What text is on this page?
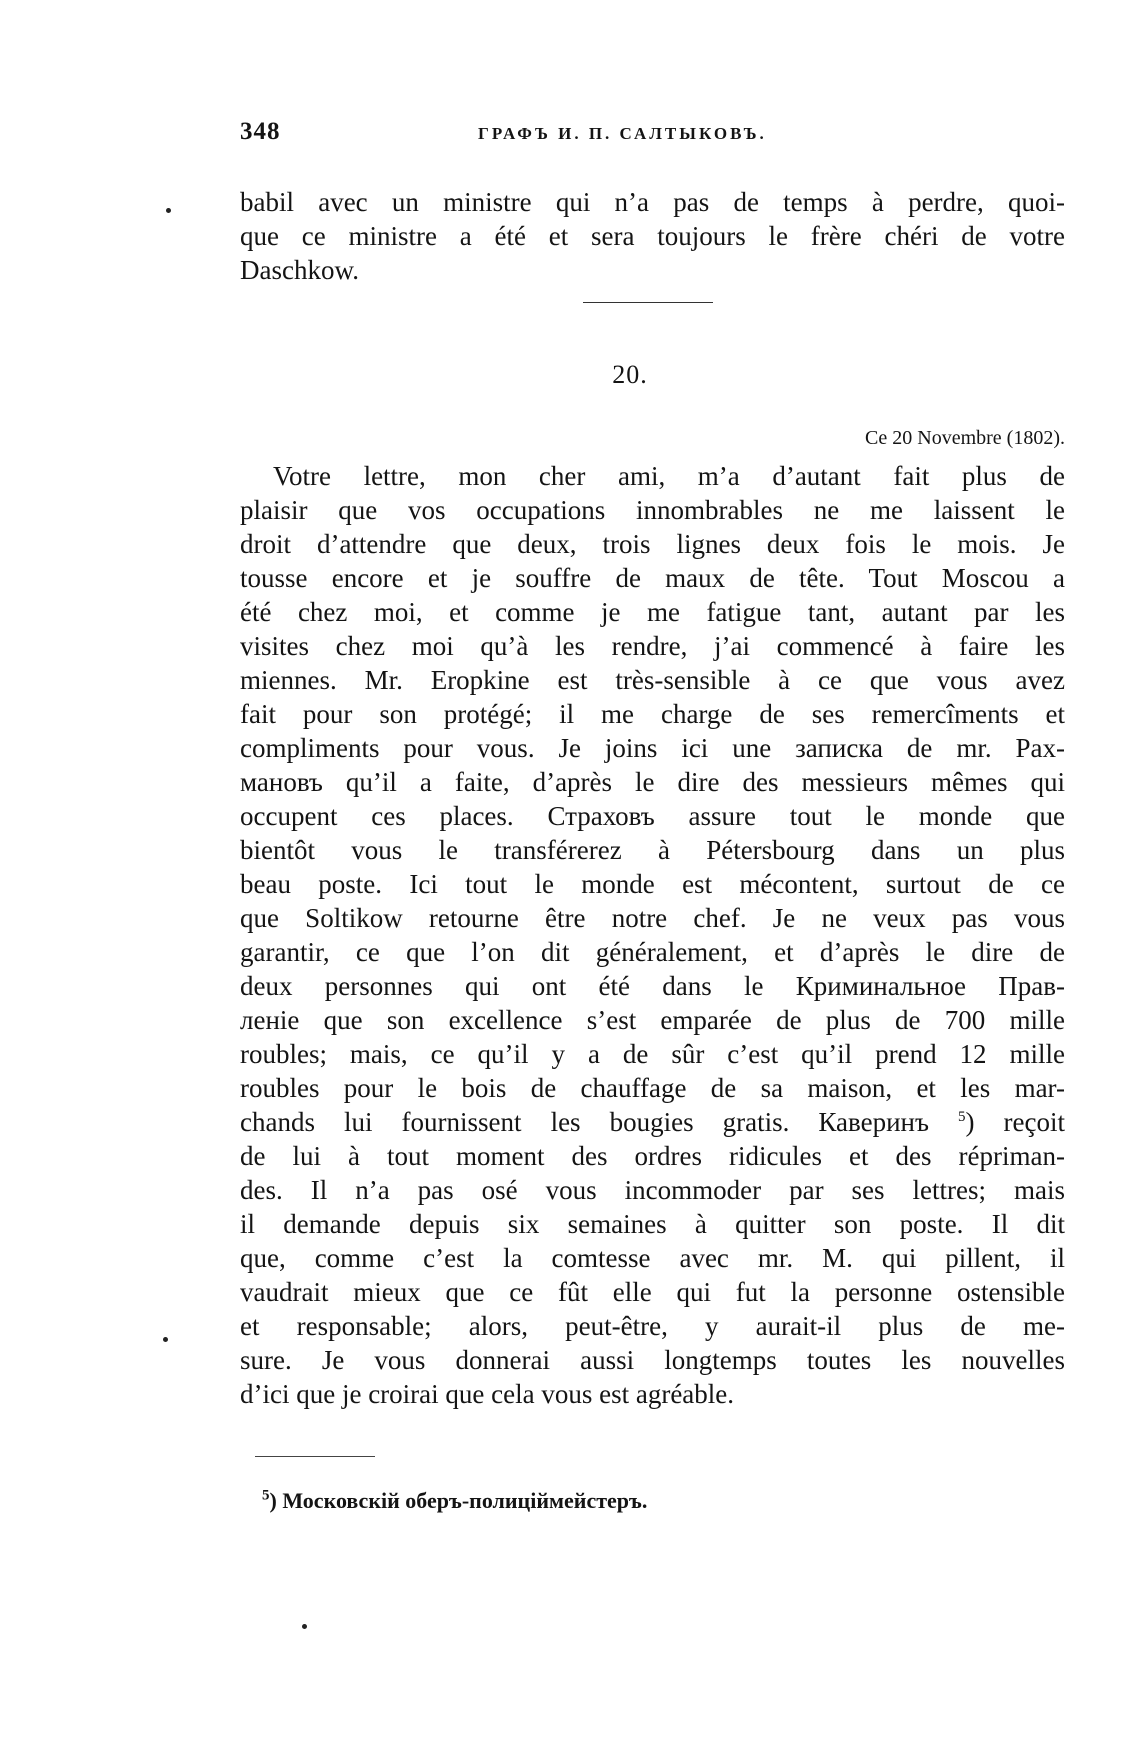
348	ГРАФЪ И. П. САЛТЫКОВЪ.
babil avec un ministre qui n’a pas de temps à perdre, quoi-
que ce ministre a été et sera toujours le frère chéri de votre
Daschkow.
20.
Ce 20 Novembre (1802).
Votre lettre, mon cher ami, m’a d’autant fait plus de
plaisir que vos occupations innombrables ne me laissent le
droit d’attendre que deux, trois lignes deux fois le mois. Je
tousse encore et je souffre de maux de tête. Tout Moscou a
été chez moi, et comme je me fatigue tant, autant par les
visites chez moi qu’à les rendre, j’ai commencé à faire les
miennes. Mr. Eropkine est très-sensible à ce que vous avez
fait pour son protégé; il me charge de ses remercîments et
compliments pour vous. Je joins ici une записка de mr. Рах-
мановъ qu’il a faite, d’après le dire des messieurs mêmes qui
occupent ces places. Страховъ assure tout le monde que
bientôt vous le transférerez à Pétersbourg dans un plus
beau poste. Ici tout le monde est mécontent, surtout de ce
que Soltikow retourne être notre chef. Je ne veux pas vous
garantir, ce que l’on dit généralement, et d’après le dire de
deux personnes qui ont été dans le Криминальное Прав-
ленiе que son excellence s’est emparée de plus de 700 mille
roubles; mais, ce qu’il y a de sûr c’est qu’il prend 12 mille
roubles pour le bois de chauffage de sa maison, et les mar-
chands lui fournissent les bougies gratis. Каверинъ $^5$) reçoit
de lui à tout moment des ordres ridicules et des répriman-
des. Il n’a pas osé vous incommoder par ses lettres; mais
il demande depuis six semaines à quitter son poste. Il dit
que, comme c’est la comtesse avec mr. M. qui pillent, il
vaudrait mieux que ce fût elle qui fut la personne ostensible
et responsable; alors, peut-être, y aurait-il plus de me-
sure. Je vous donnerai aussi longtemps toutes les nouvelles
d’ici que je croirai que cela vous est agréable.
$^5$) Московскiй оберъ-полицiймейстеръ.
